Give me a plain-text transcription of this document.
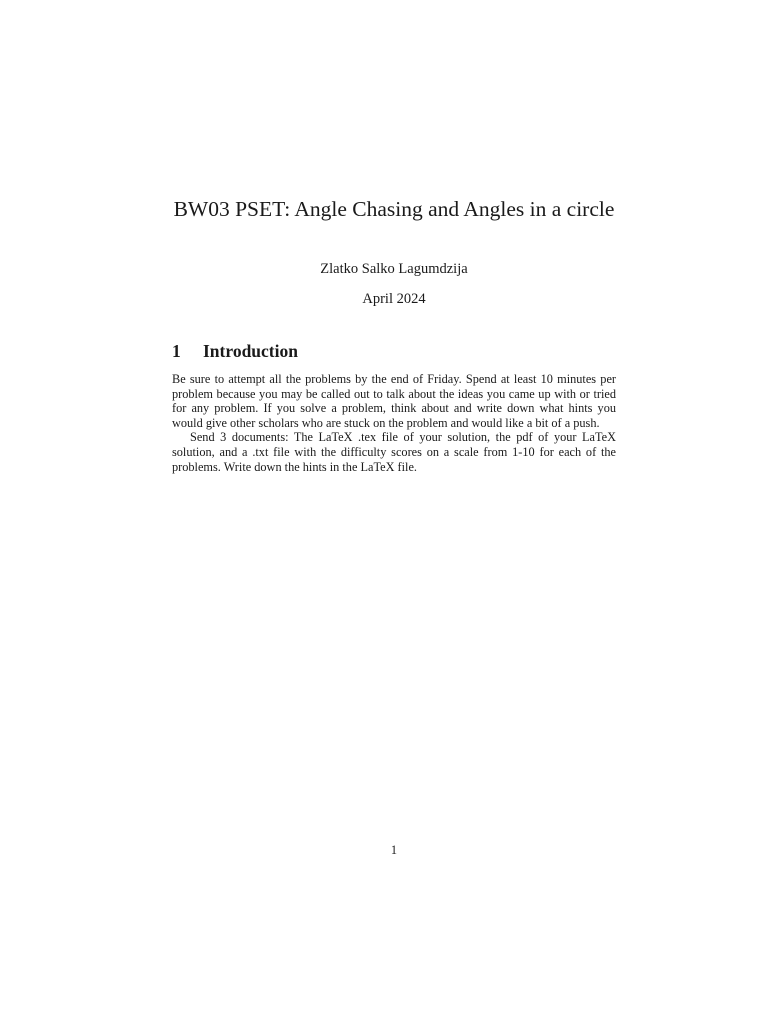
BW03 PSET: Angle Chasing and Angles in a circle
Zlatko Salko Lagumdzija
April 2024
1 Introduction

Be sure to attempt all the problems by the end of Friday. Spend at least 10 minutes per problem because you may be called out to talk about the ideas you came up with or tried for any problem. If you solve a problem, think about and write down what hints you would give other scholars who are stuck on the problem and would like a bit of a push.

Send 3 documents: The LaTeX .tex file of your solution, the pdf of your LaTeX solution, and a .txt file with the difficulty scores on a scale from 1-10 for each of the problems. Write down the hints in the LaTeX file.

1
